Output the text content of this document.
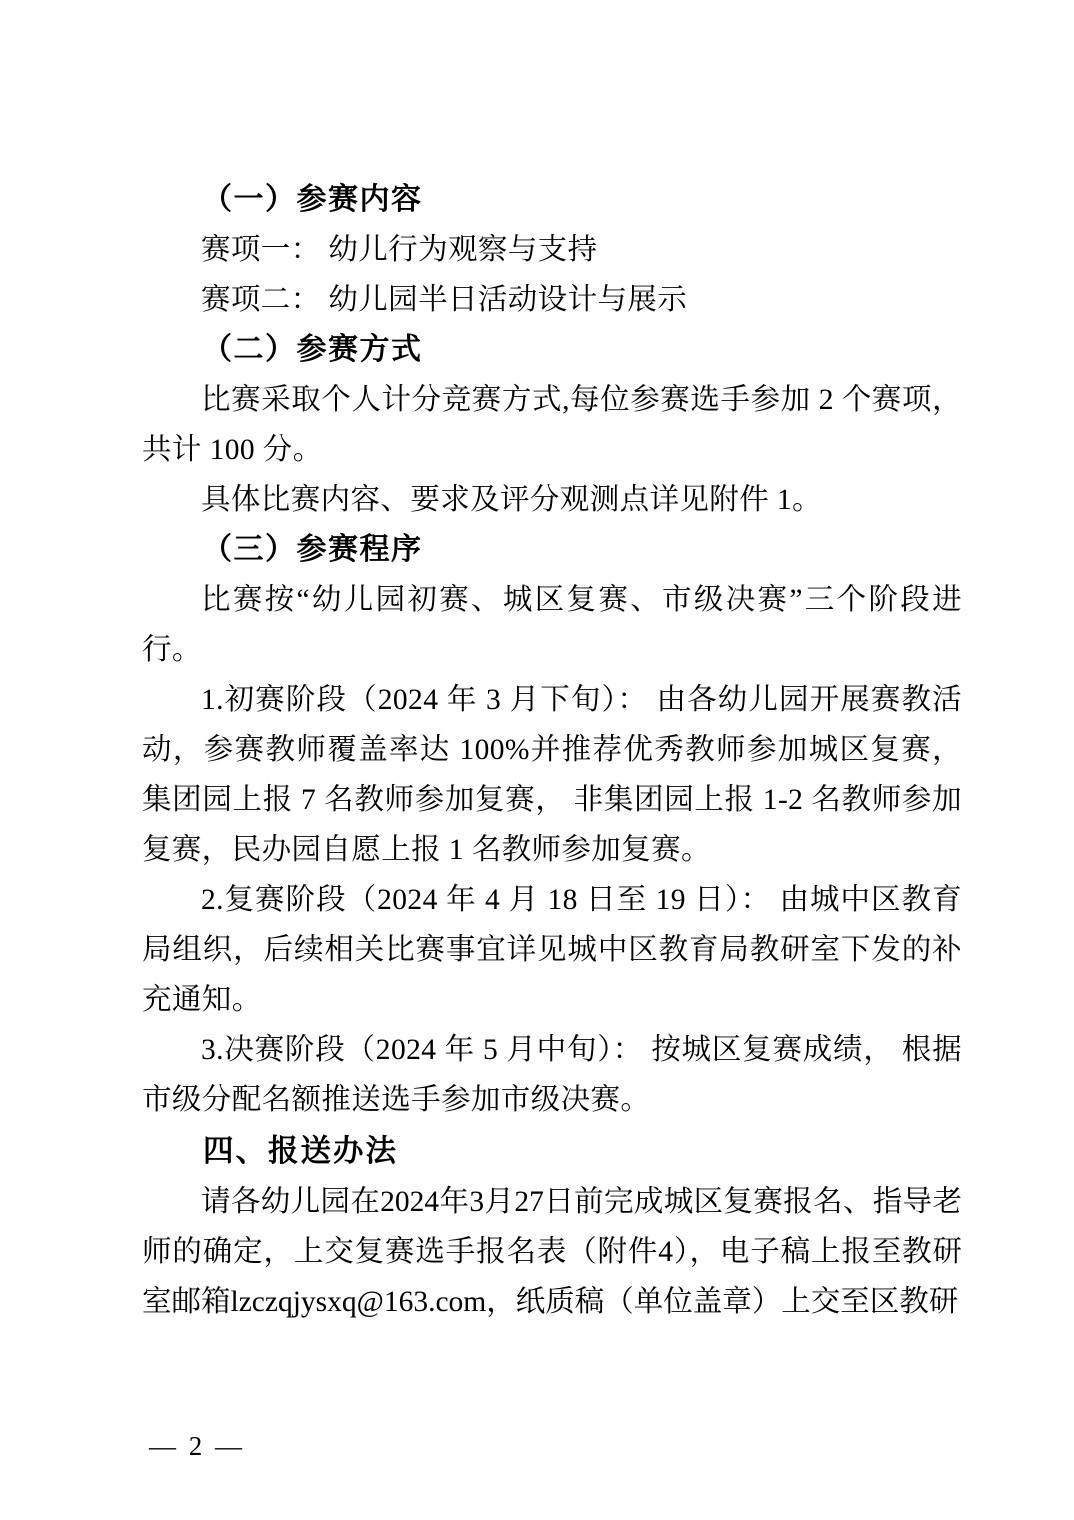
（一）参赛内容

赛项一： 幼儿行为观察与支持

赛项二： 幼儿园半日活动设计与展示

（二）参赛方式

比赛采取个人计分竞赛方式,每位参赛选手参加 2 个赛项，共计 100 分。

具体比赛内容、要求及评分观测点详见附件 1。

（三）参赛程序

比赛按“幼儿园初赛、城区复赛、市级决赛”三个阶段进行。

1.初赛阶段（2024 年 3 月下旬）： 由各幼儿园开展赛教活动，参赛教师覆盖率达 100%并推荐优秀教师参加城区复赛，集团园上报 7 名教师参加复赛， 非集团园上报 1-2 名教师参加复赛，民办园自愿上报 1 名教师参加复赛。

2.复赛阶段（2024 年 4 月 18 日至 19 日）： 由城中区教育局组织，后续相关比赛事宜详见城中区教育局教研室下发的补充通知。

3.决赛阶段（2024 年 5 月中旬）： 按城区复赛成绩， 根据市级分配名额推送选手参加市级决赛。

四、报送办法

请各幼儿园在2024年3月27日前完成城区复赛报名、指导老师的确定，上交复赛选手报名表（附件4），电子稿上报至教研室邮箱lzczqjysxq@163.com，纸质稿（单位盖章）上交至区教研

— 2 —
